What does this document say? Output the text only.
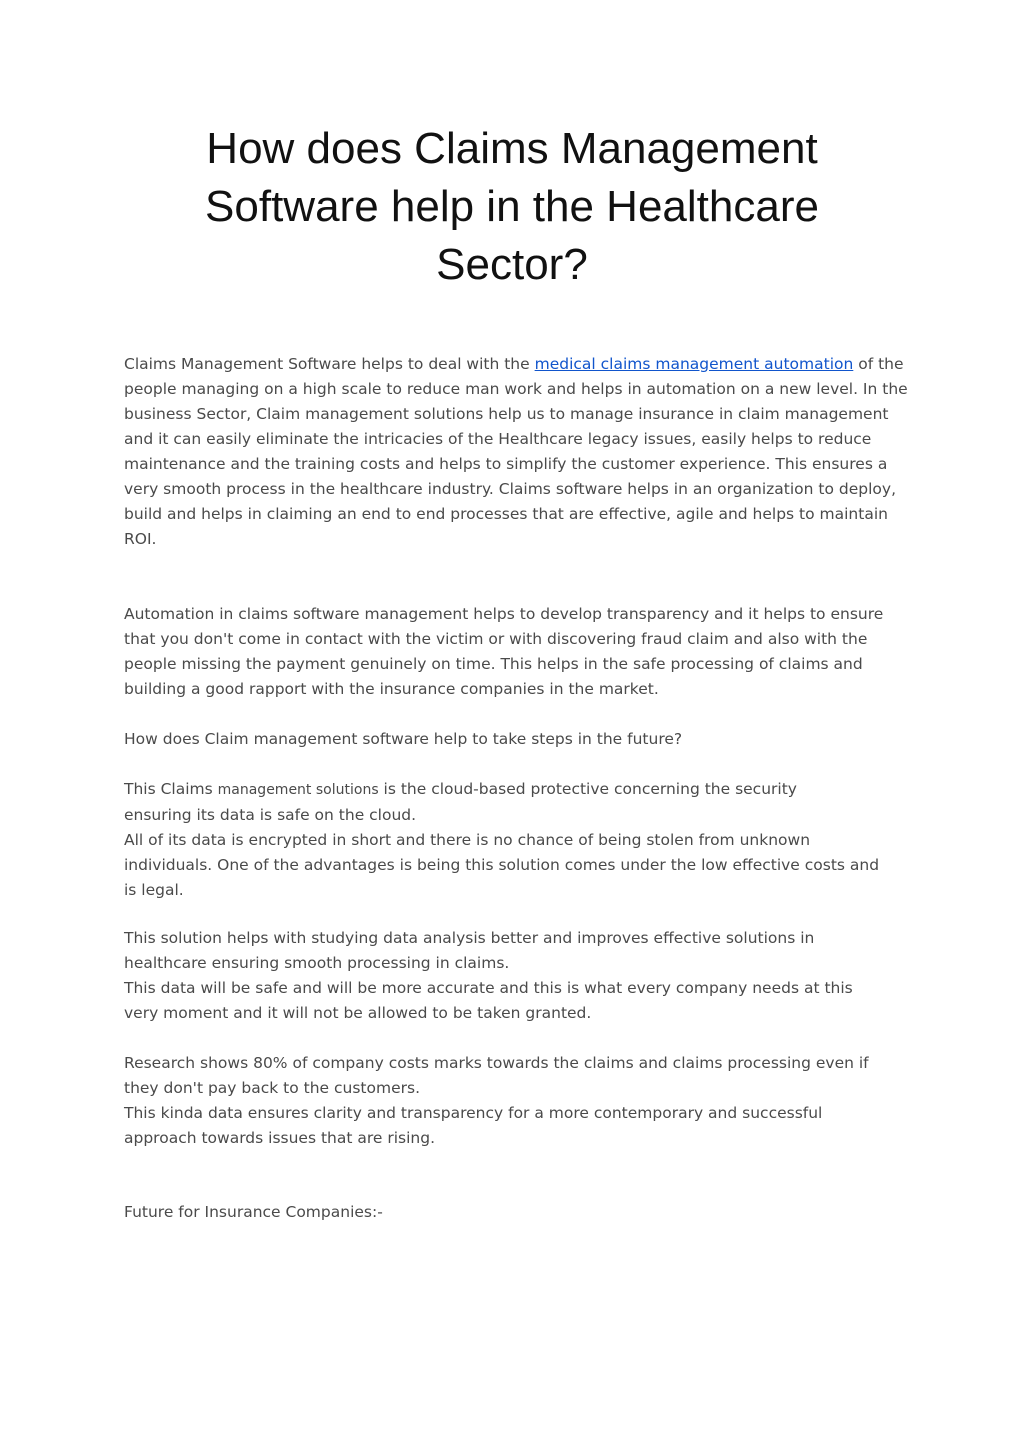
How does Claims Management Software help in the Healthcare Sector?

Claims Management Software helps to deal with the medical claims management automation of the people managing on a high scale to reduce man work and helps in automation on a new level. In the business Sector, Claim management solutions help us to manage insurance in claim management and it can easily eliminate the intricacies of the Healthcare legacy issues, easily helps to reduce maintenance and the training costs and helps to simplify the customer experience. This ensures a very smooth process in the healthcare industry. Claims software helps in an organization to deploy, build and helps in claiming an end to end processes that are effective, agile and helps to maintain ROI.

Automation in claims software management helps to develop transparency and it helps to ensure that you don't come in contact with the victim or with discovering fraud claim and also with the people missing the payment genuinely on time. This helps in the safe processing of claims and building a good rapport with the insurance companies in the market.

How does Claim management software help to take steps in the future?

This Claims management solutions is the cloud-based protective concerning the security
ensuring its data is safe on the cloud.
All of its data is encrypted in short and there is no chance of being stolen from unknown
individuals. One of the advantages is being this solution comes under the low effective costs and
is legal.

This solution helps with studying data analysis better and improves effective solutions in
healthcare ensuring smooth processing in claims.
This data will be safe and will be more accurate and this is what every company needs at this
very moment and it will not be allowed to be taken granted.

Research shows 80% of company costs marks towards the claims and claims processing even if
they don't pay back to the customers.
This kinda data ensures clarity and transparency for a more contemporary and successful
approach towards issues that are rising.

Future for Insurance Companies:-
